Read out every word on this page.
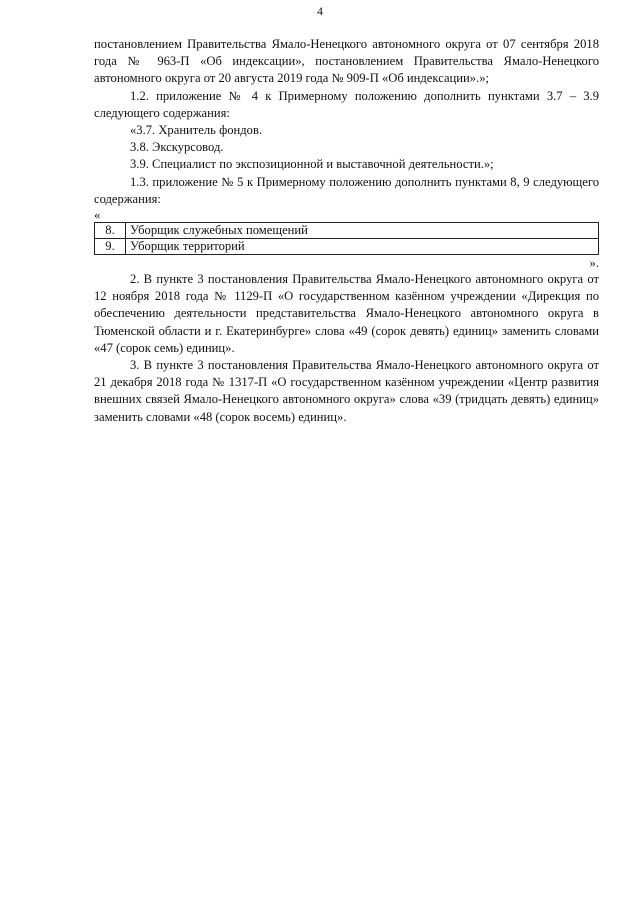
4

постановлением Правительства Ямало-Ненецкого автономного округа от 07 сентября 2018 года № 963-П «Об индексации», постановлением Правительства Ямало-Ненецкого автономного округа от 20 августа 2019 года № 909-П «Об индексации».»;

1.2. приложение № 4 к Примерному положению дополнить пунктами 3.7 – 3.9 следующего содержания:

«3.7. Хранитель фондов.

3.8. Экскурсовод.

3.9. Специалист по экспозиционной и выставочной деятельности.»;

1.3. приложение № 5 к Примерному положению дополнить пунктами 8, 9 следующего содержания:

«

8.	Уборщик служебных помещений
9.	Уборщик территорий

».

2. В пункте 3 постановления Правительства Ямало-Ненецкого автономного округа от 12 ноября 2018 года № 1129-П «О государственном казённом учреждении «Дирекция по обеспечению деятельности представительства Ямало-Ненецкого автономного округа в Тюменской области и г. Екатеринбурге» слова «49 (сорок девять) единиц» заменить словами «47 (сорок семь) единиц».

3. В пункте 3 постановления Правительства Ямало-Ненецкого автономного округа от 21 декабря 2018 года № 1317-П «О государственном казённом учреждении «Центр развития внешних связей Ямало-Ненецкого автономного округа» слова «39 (тридцать девять) единиц» заменить словами «48 (сорок восемь) единиц».
